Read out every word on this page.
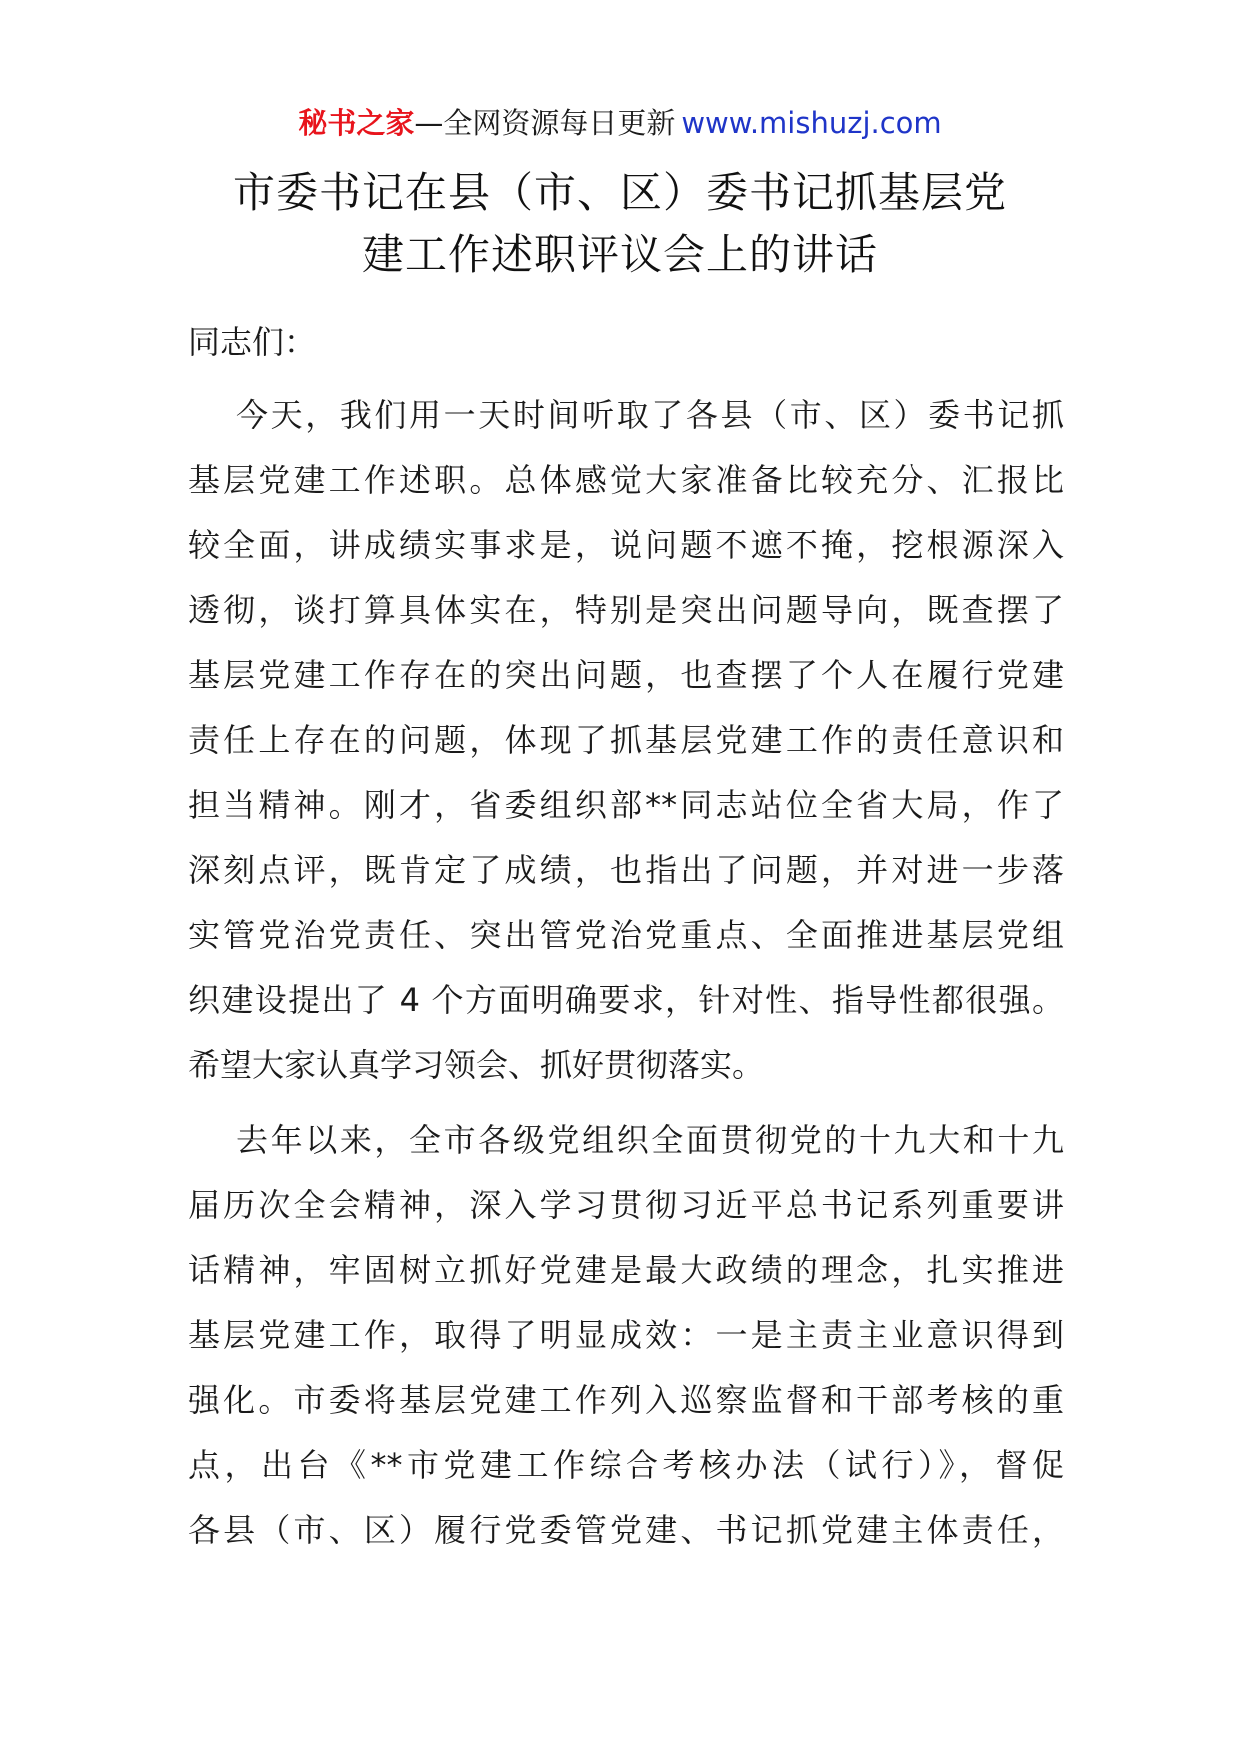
秘书之家—全网资源每日更新 www.mishuzj.com
市委书记在县（市、区）委书记抓基层党
建工作述职评议会上的讲话
同志们：
今天，我们用一天时间听取了各县（市、区）委书记抓
基层党建工作述职。总体感觉大家准备比较充分、汇报比
较全面，讲成绩实事求是，说问题不遮不掩，挖根源深入
透彻，谈打算具体实在，特别是突出问题导向，既查摆了
基层党建工作存在的突出问题，也查摆了个人在履行党建
责任上存在的问题，体现了抓基层党建工作的责任意识和
担当精神。刚才，省委组织部**同志站位全省大局，作了
深刻点评，既肯定了成绩，也指出了问题，并对进一步落
实管党治党责任、突出管党治党重点、全面推进基层党组
织建设提出了 4 个方面明确要求，针对性、指导性都很强。
希望大家认真学习领会、抓好贯彻落实。
去年以来，全市各级党组织全面贯彻党的十九大和十九
届历次全会精神，深入学习贯彻习近平总书记系列重要讲
话精神，牢固树立抓好党建是最大政绩的理念，扎实推进
基层党建工作，取得了明显成效：一是主责主业意识得到
强化。市委将基层党建工作列入巡察监督和干部考核的重
点，出台《**市党建工作综合考核办法（试行）》，督促
各县（市、区）履行党委管党建、书记抓党建主体责任，
